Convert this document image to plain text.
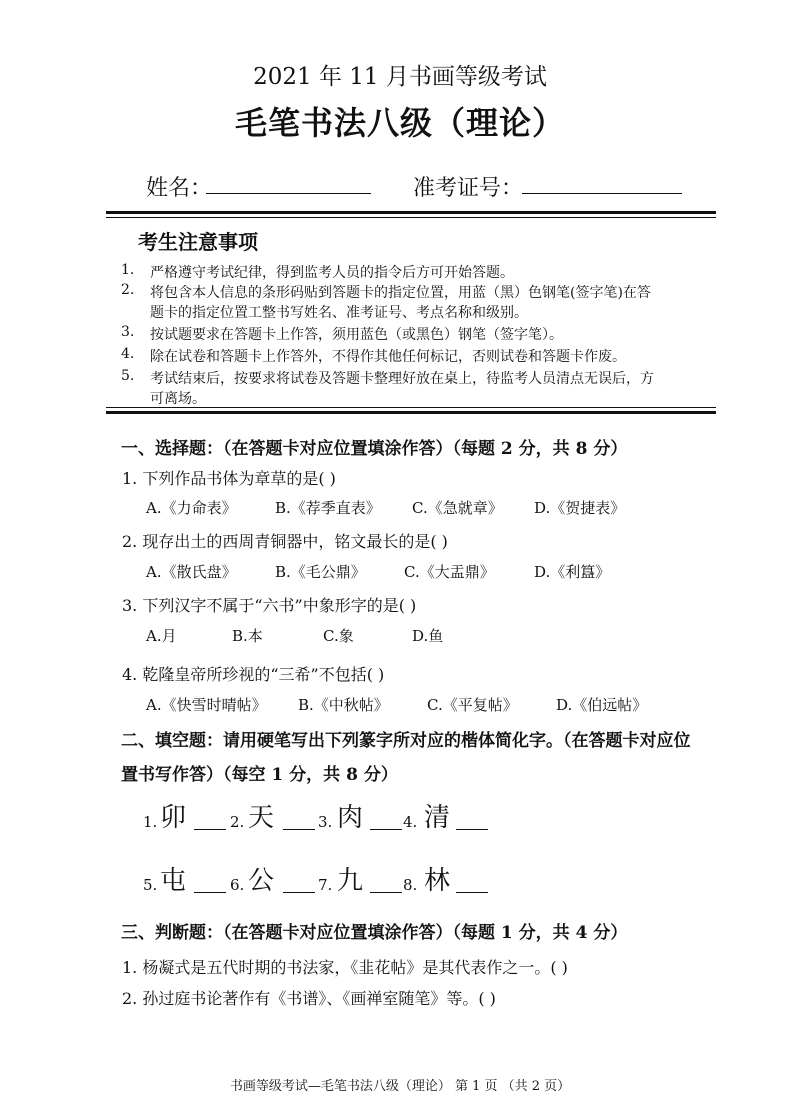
2021 年 11 月书画等级考试
毛笔书法八级（理论）
姓名：	准考证号：
考生注意事项
1. 严格遵守考试纪律，得到监考人员的指令后方可开始答题。
2. 将包含本人信息的条形码贴到答题卡的指定位置，用蓝（黑）色钢笔(签字笔)在答
题卡的指定位置工整书写姓名、准考证号、考点名称和级别。
3. 按试题要求在答题卡上作答，须用蓝色（或黑色）钢笔（签字笔）。
4. 除在试卷和答题卡上作答外，不得作其他任何标记，否则试卷和答题卡作废。
5. 考试结束后，按要求将试卷及答题卡整理好放在桌上，待监考人员清点无误后，方
可离场。
一、选择题：（在答题卡对应位置填涂作答）（每题 2 分，共 8 分）
1. 下列作品书体为章草的是( )
A.《力命表》	B.《荐季直表》 C.《急就章》 D.《贺捷表》
2. 现存出土的西周青铜器中，铭文最长的是( )
A.《散氏盘》	B.《毛公鼎》	C.《大盂鼎》	D.《利簋》
3. 下列汉字不属于“六书”中象形字的是( )
A.月	B.本	C.象	D.鱼
4. 乾隆皇帝所珍视的“三希”不包括( )
A.《快雪时晴帖》 B.《中秋帖》	C.《平复帖》	D.《伯远帖》
二、填空题：请用硬笔写出下列篆字所对应的楷体简化字。（在答题卡对应位
置书写作答）（每空 1 分，共 8 分）
1. 卯	2. 天	3. 肉	4. 清
5. 屯	6. 公	7. 九	8. 林
三、判断题：（在答题卡对应位置填涂作答）（每题 1 分，共 4 分）
1. 杨凝式是五代时期的书法家，《韭花帖》是其代表作之一。( )
2. 孙过庭书论著作有《书谱》、《画禅室随笔》等。( )
书画等级考试—毛笔书法八级（理论） 第 1 页 （共 2 页）
